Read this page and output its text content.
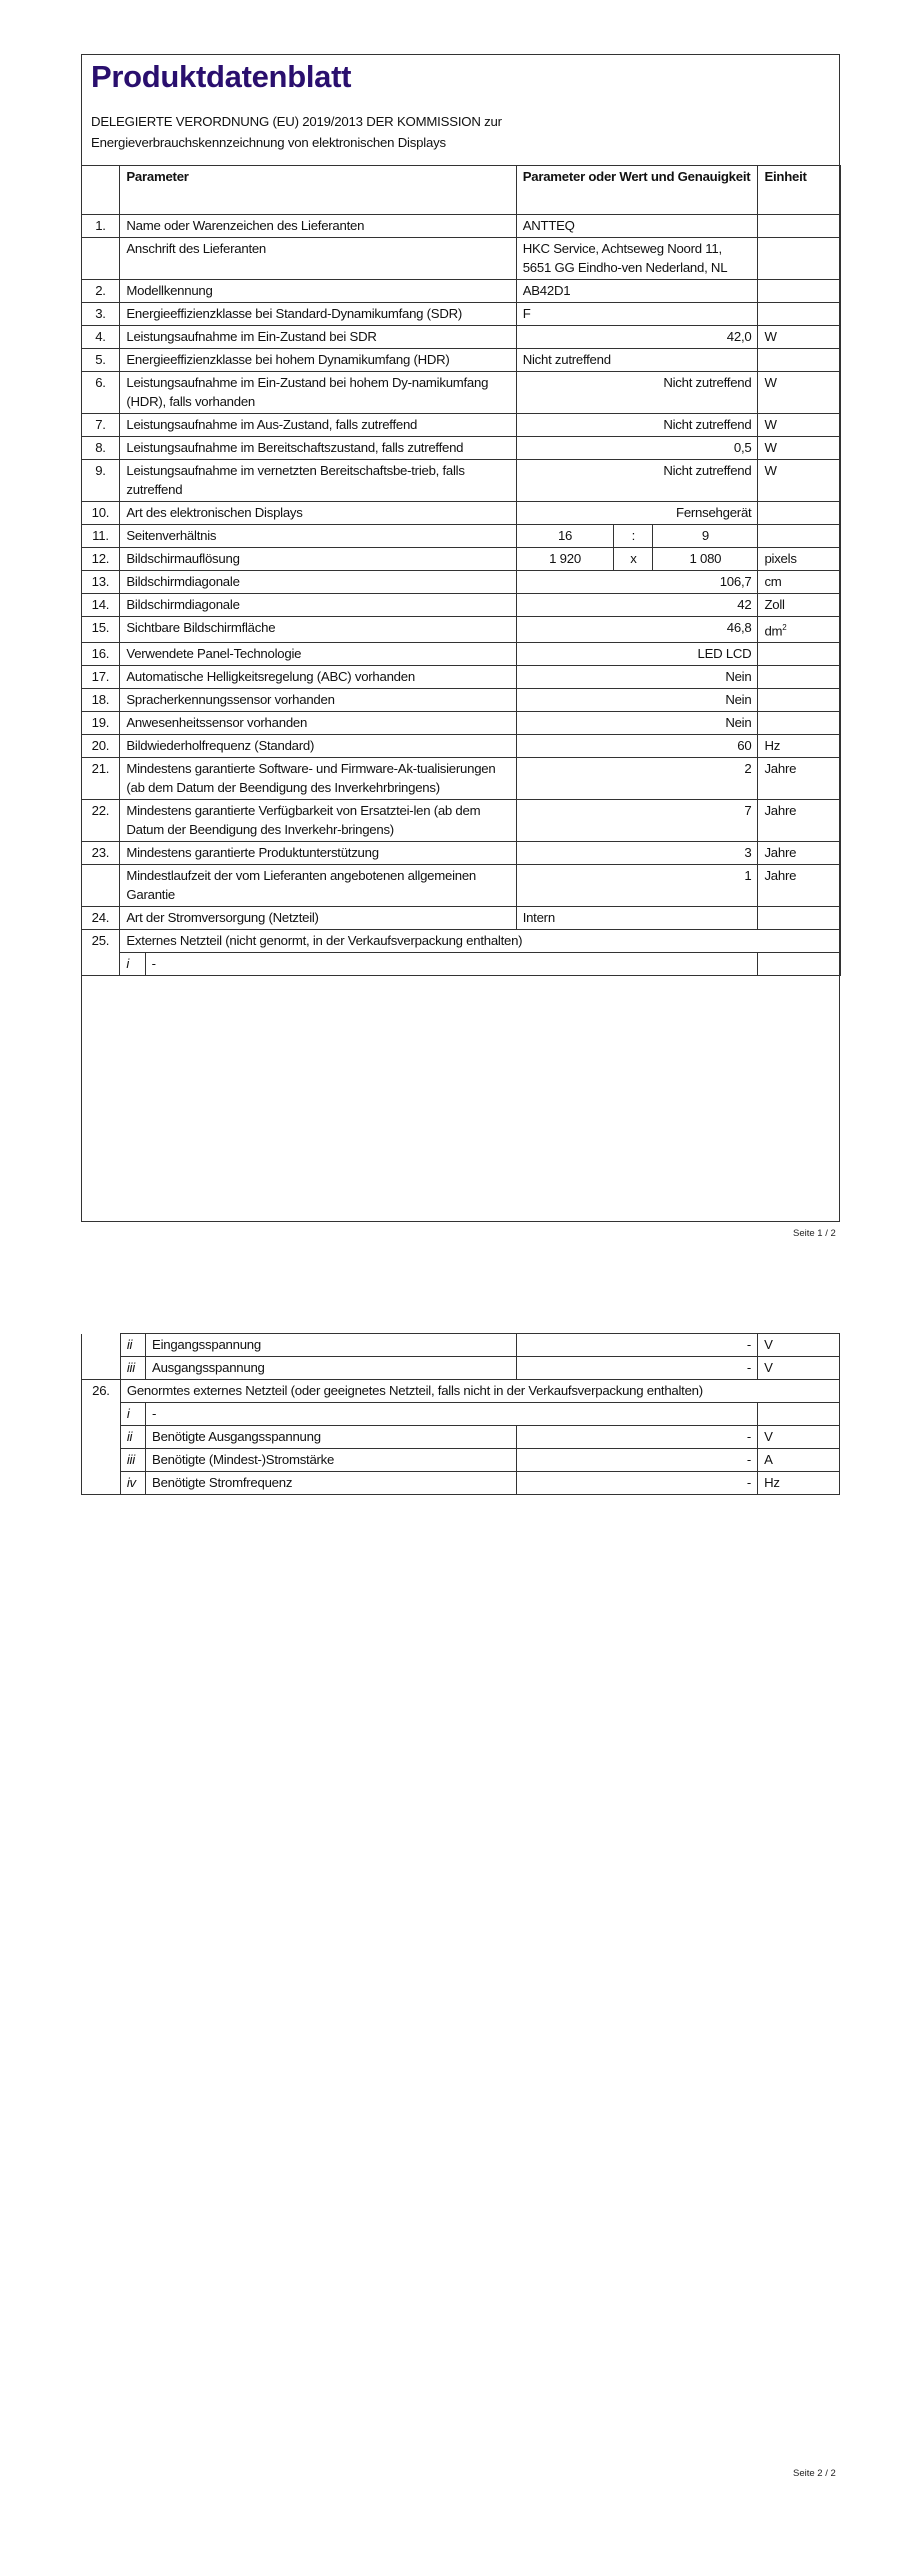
Produktdatenblatt
DELEGIERTE VERORDNUNG (EU) 2019/2013 DER KOMMISSION zur
Energieverbrauchskennzeichnung von elektronischen Displays
	Parameter		Parameter oder Wert und Genauigkeit			Einheit
1.	Name oder Warenzeichen des Lieferanten		ANTTEQ			
	Anschrift des Lieferanten		HKC Service, Achtseweg Noord 11, 5651 GG Eindho-ven Nederland, NL			
2.	Modellkennung		AB42D1			
3.	Energieeffizienzklasse bei Standard-Dynamikumfang (SDR)		F			
4.	Leistungsaufnahme im Ein-Zustand bei SDR		42,0			W
5.	Energieeffizienzklasse bei hohem Dynamikumfang (HDR)		Nicht zutreffend			
6.	Leistungsaufnahme im Ein-Zustand bei hohem Dy-namikumfang (HDR), falls vorhanden		Nicht zutreffend			W
7.	Leistungsaufnahme im Aus-Zustand, falls zutreffend		Nicht zutreffend			W
8.	Leistungsaufnahme im Bereitschaftszustand, falls zutreffend		0,5			W
9.	Leistungsaufnahme im vernetzten Bereitschaftsbe-trieb, falls zutreffend		Nicht zutreffend			W
10.	Art des elektronischen Displays		Fernsehgerät			
11.	Seitenverhältnis		16	:	9	
12.	Bildschirmauflösung		1 920	x	1 080	pixels
13.	Bildschirmdiagonale		106,7			cm
14.	Bildschirmdiagonale		42			Zoll
15.	Sichtbare Bildschirmfläche		46,8			$dm^2$
16.	Verwendete Panel-Technologie		LED LCD			
17.	Automatische Helligkeitsregelung (ABC) vorhanden		Nein			
18.	Spracherkennungssensor vorhanden		Nein			
19.	Anwesenheitssensor vorhanden		Nein			
20.	Bildwiederholfrequenz (Standard)		60			Hz
21.	Mindestens garantierte Software- und Firmware-Ak-tualisierungen (ab dem Datum der Beendigung des Inverkehrbringens)		2			Jahre
22.	Mindestens garantierte Verfügbarkeit von Ersatztei-len (ab dem Datum der Beendigung des Inverkehr-bringens)		7			Jahre
23.	Mindestens garantierte Produktunterstützung		3			Jahre
	Mindestlaufzeit der vom Lieferanten angebotenen allgemeinen Garantie		1			Jahre
24.	Art der Stromversorgung (Netzteil)		Intern			
25.	Externes Netzteil (nicht genormt, in der Verkaufsverpackung enthalten)					
	i	-				
Seite 1 / 2
	ii	Eingangsspannung	-	V
	iii	Ausgangsspannung	-	V
26.	Genormtes externes Netzteil (oder geeignetes Netzteil, falls nicht in der Verkaufsverpackung enthalten)			
	i	-		
	ii	Benötigte Ausgangsspannung	-	V
	iii	Benötigte (Mindest-)Stromstärke	-	A
	iv	Benötigte Stromfrequenz	-	Hz
Seite 2 / 2
